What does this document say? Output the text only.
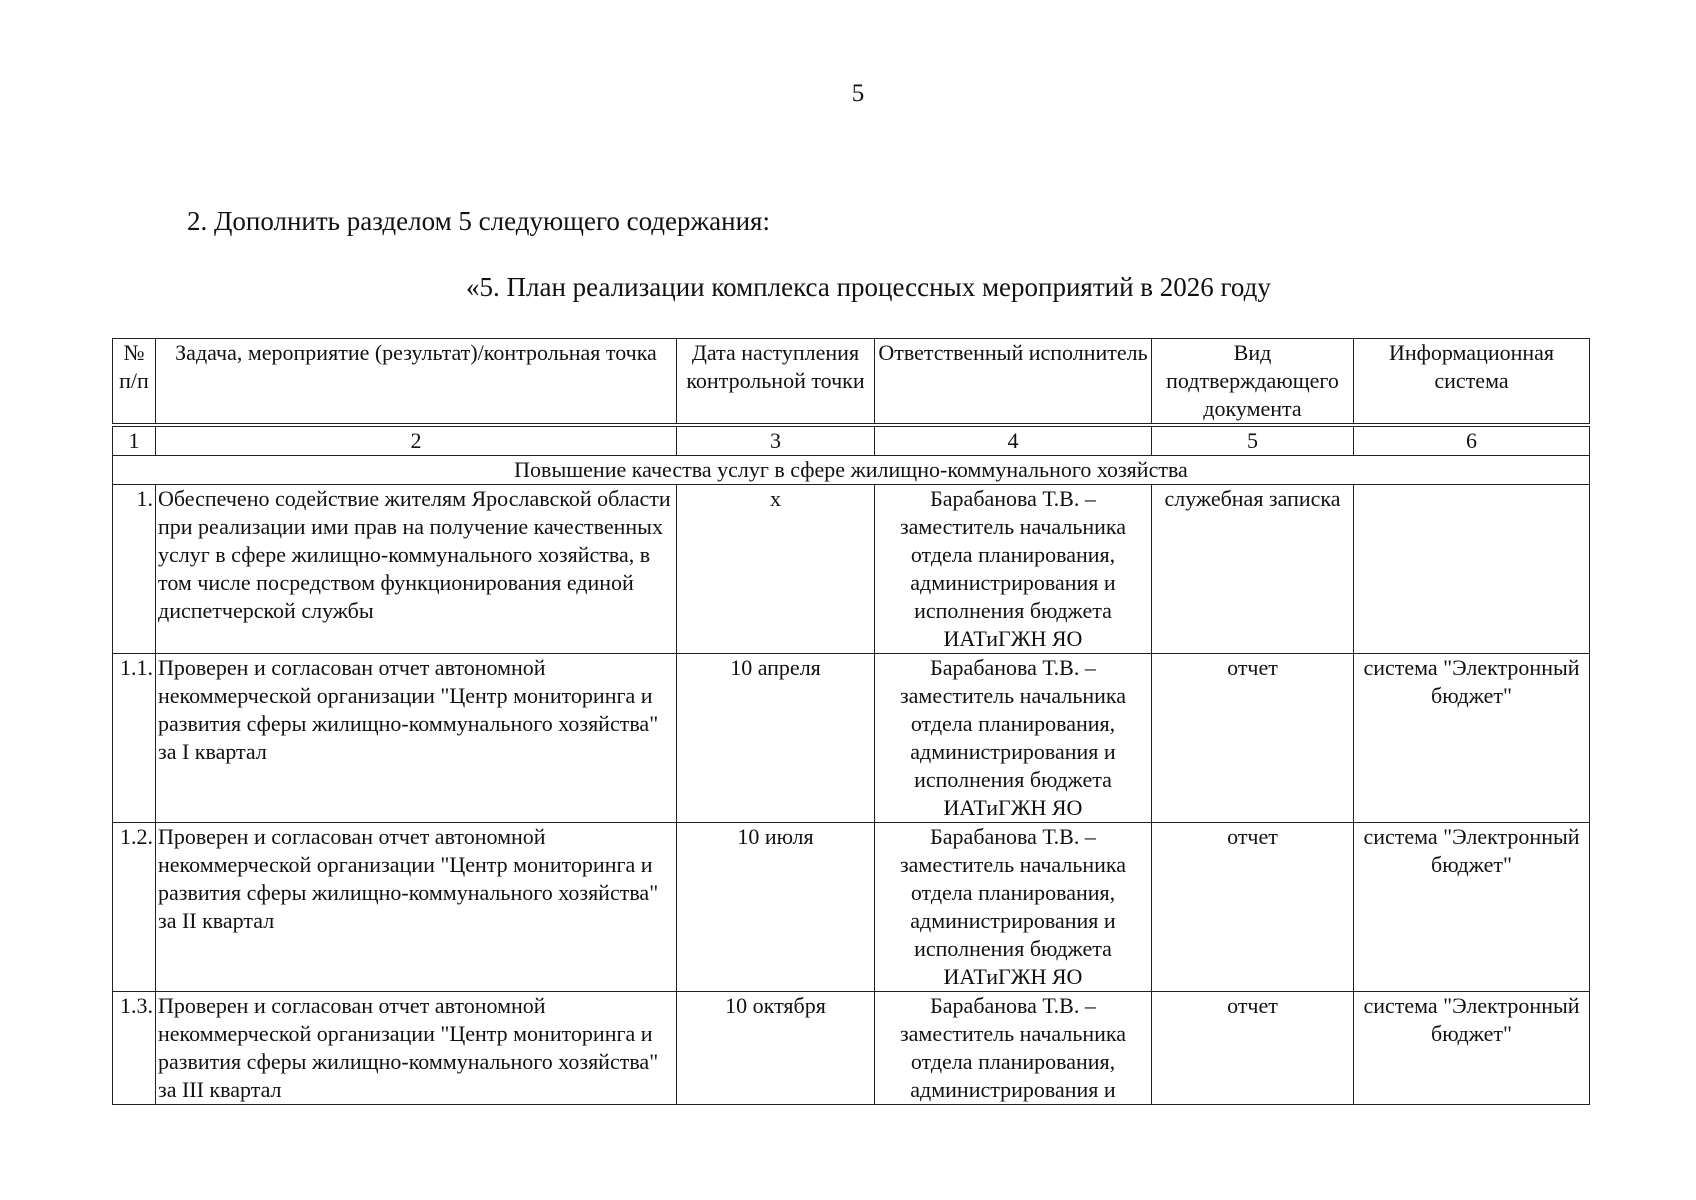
5
2. Дополнить разделом 5 следующего содержания:
«5. План реализации комплекса процессных мероприятий в 2026 году
№ п/п	Задача, мероприятие (результат)/контрольная точка	Дата наступления контрольной точки	Ответственный исполнитель	Вид подтверждающего документа	Информационная система
1	2	3	4	5	6
Повышение качества услуг в сфере жилищно-коммунального хозяйства					
1.	Обеспечено содействие жителям Ярославской области при реализации ими прав на получение качественных услуг в сфере жилищно-коммунального хозяйства, в том числе посредством функционирования единой диспетчерской службы	х	Барабанова Т.В. – заместитель начальника отдела планирования, администрирования и исполнения бюджета ИАТиГЖН ЯО	служебная записка	
1.1.	Проверен и согласован отчет автономной некоммерческой организации "Центр мониторинга и развития сферы жилищно-коммунального хозяйства" за I квартал	10 апреля	Барабанова Т.В. – заместитель начальника отдела планирования, администрирования и исполнения бюджета ИАТиГЖН ЯО	отчет	система "Электронный бюджет"
1.2.	Проверен и согласован отчет автономной некоммерческой организации "Центр мониторинга и развития сферы жилищно-коммунального хозяйства" за II квартал	10 июля	Барабанова Т.В. – заместитель начальника отдела планирования, администрирования и исполнения бюджета ИАТиГЖН ЯО	отчет	система "Электронный бюджет"
1.3.	Проверен и согласован отчет автономной некоммерческой организации "Центр мониторинга и развития сферы жилищно-коммунального хозяйства" за III квартал	10 октября	Барабанова Т.В. – заместитель начальника отдела планирования, администрирования и	отчет	система "Электронный бюджет"
